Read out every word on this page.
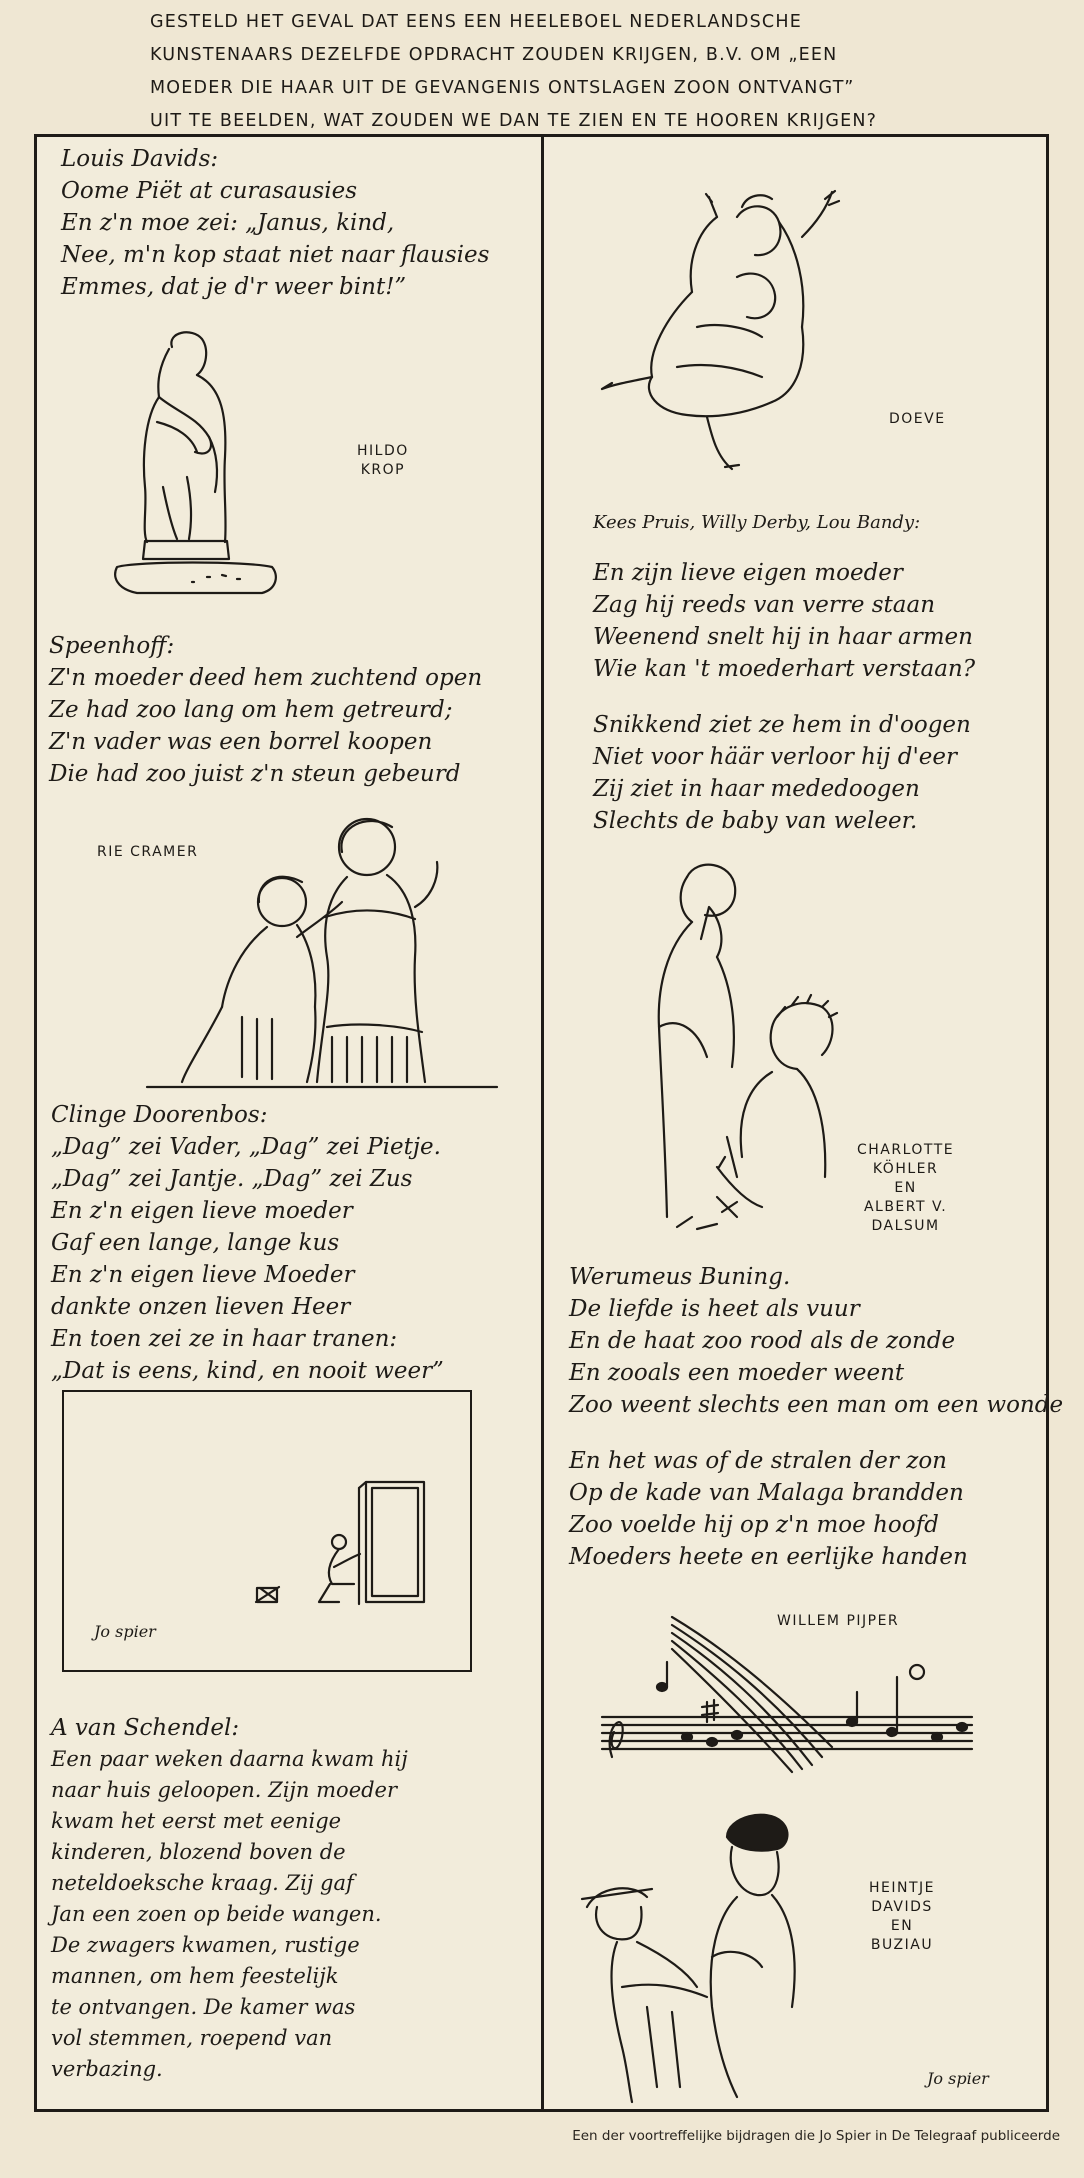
GESTELD HET GEVAL DAT EENS EEN HEELEBOEL NEDERLANDSCHE
KUNSTENAARS DEZELFDE OPDRACHT ZOUDEN KRIJGEN, B.V. OM „EEN
MOEDER DIE HAAR UIT DE GEVANGENIS ONTSLAGEN ZOON ONTVANGT”
UIT TE BEELDEN, WAT ZOUDEN WE DAN TE ZIEN EN TE HOOREN KRIJGEN?
Louis Davids:
Oome Piët at curasausies
En z'n moe zei: „Janus, kind,
Nee, m'n kop staat niet naar flausies
Emmes, dat je d'r weer bint!”
HILDO
KROP
Speenhoff:
Z'n moeder deed hem zuchtend open
Ze had zoo lang om hem getreurd;
Z'n vader was een borrel koopen
Die had zoo juist z'n steun gebeurd
RIE CRAMER
Clinge Doorenbos:
„Dag” zei Vader, „Dag” zei Pietje.
„Dag” zei Jantje. „Dag” zei Zus
En z'n eigen lieve moeder
Gaf een lange, lange kus
En z'n eigen lieve Moeder
dankte onzen lieven Heer
En toen zei ze in haar tranen:
„Dat is eens, kind, en nooit weer”
Jo spier
A van Schendel:
Een paar weken daarna kwam hij
naar huis geloopen. Zijn moeder
kwam het eerst met eenige
kinderen, blozend boven de
neteldoeksche kraag. Zij gaf
Jan een zoen op beide wangen.
De zwagers kwamen, rustige
mannen, om hem feestelijk
te ontvangen. De kamer was
vol stemmen, roepend van
verbazing.
DOEVE
Kees Pruis, Willy Derby, Lou Bandy:
En zijn lieve eigen moeder
Zag hij reeds van verre staan
Weenend snelt hij in haar armen
Wie kan 't moederhart verstaan?
Snikkend ziet ze hem in d'oogen
Niet voor häär verloor hij d'eer
Zij ziet in haar mededoogen
Slechts de baby van weleer.
CHARLOTTE
KÖHLER
EN
ALBERT V.
DALSUM
Werumeus Buning.
De liefde is heet als vuur
En de haat zoo rood als de zonde
En zooals een moeder weent
Zoo weent slechts een man om een wonde
En het was of de stralen der zon
Op de kade van Malaga brandden
Zoo voelde hij op z'n moe hoofd
Moeders heete en eerlijke handen
WILLEM PIJPER
HEINTJE
DAVIDS
EN
BUZIAU
Jo spier
Een der voortreffelijke bijdragen die Jo Spier in De Telegraaf publiceerde
